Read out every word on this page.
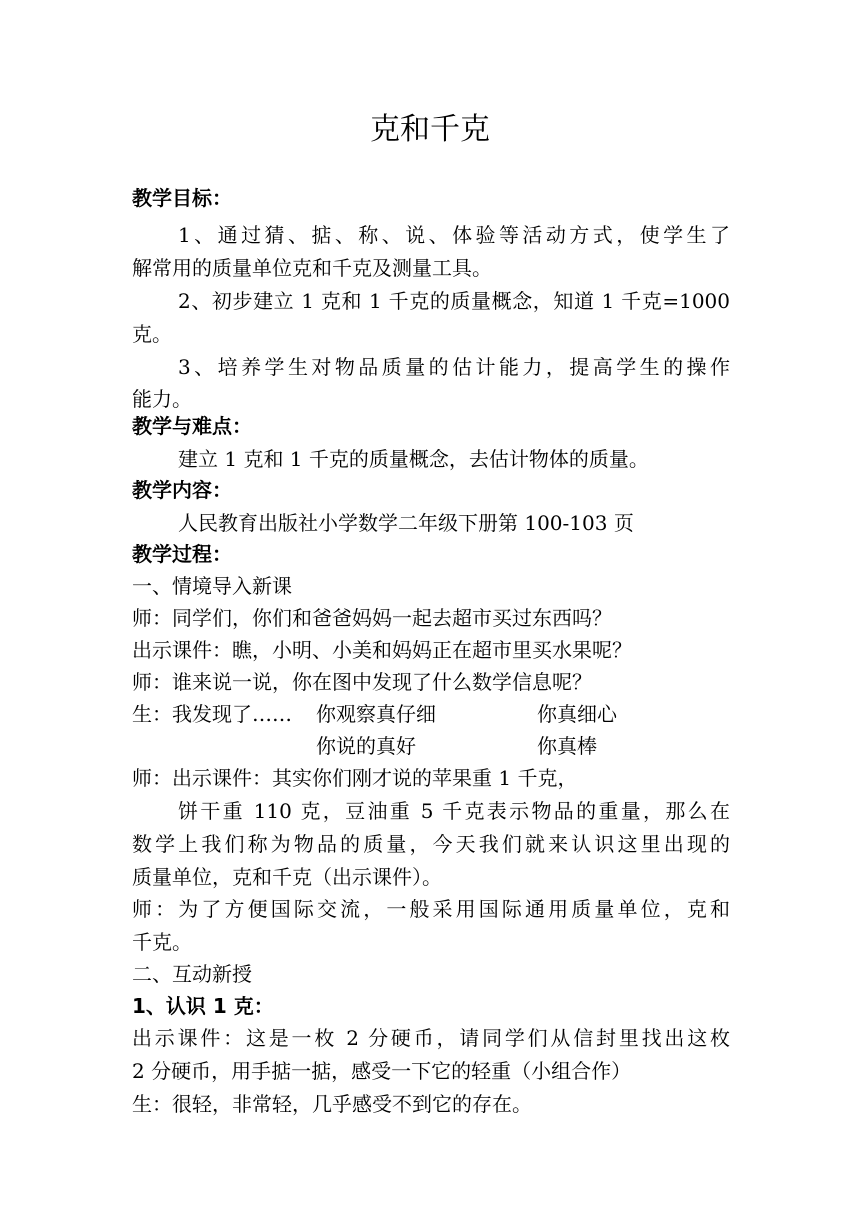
克和千克
教学目标：
1、通过猜、掂、称、说、体验等活动方式，使学生了
解常用的质量单位克和千克及测量工具。
2、初步建立 1 克和 1 千克的质量概念，知道 1 千克=1000
克。
3、培养学生对物品质量的估计能力，提高学生的操作
能力。
教学与难点：
建立 1 克和 1 千克的质量概念，去估计物体的质量。
教学内容：
人民教育出版社小学数学二年级下册第 100-103 页
教学过程：
一、情境导入新课
师：同学们，你们和爸爸妈妈一起去超市买过东西吗？
出示课件：瞧，小明、小美和妈妈正在超市里买水果呢？
师：谁来说一说，你在图中发现了什么数学信息呢？
生：我发现了…… 你观察真仔细	你真细心
你说的真好	你真棒
师：出示课件：其实你们刚才说的苹果重 1 千克，
饼干重 110 克，豆油重 5 千克表示物品的重量，那么在
数学上我们称为物品的质量，今天我们就来认识这里出现的
质量单位，克和千克（出示课件）。
师：为了方便国际交流，一般采用国际通用质量单位，克和
千克。
二、互动新授
1、认识 1 克：
出示课件：这是一枚 2 分硬币，请同学们从信封里找出这枚
2 分硬币，用手掂一掂，感受一下它的轻重（小组合作）
生：很轻，非常轻，几乎感受不到它的存在。
